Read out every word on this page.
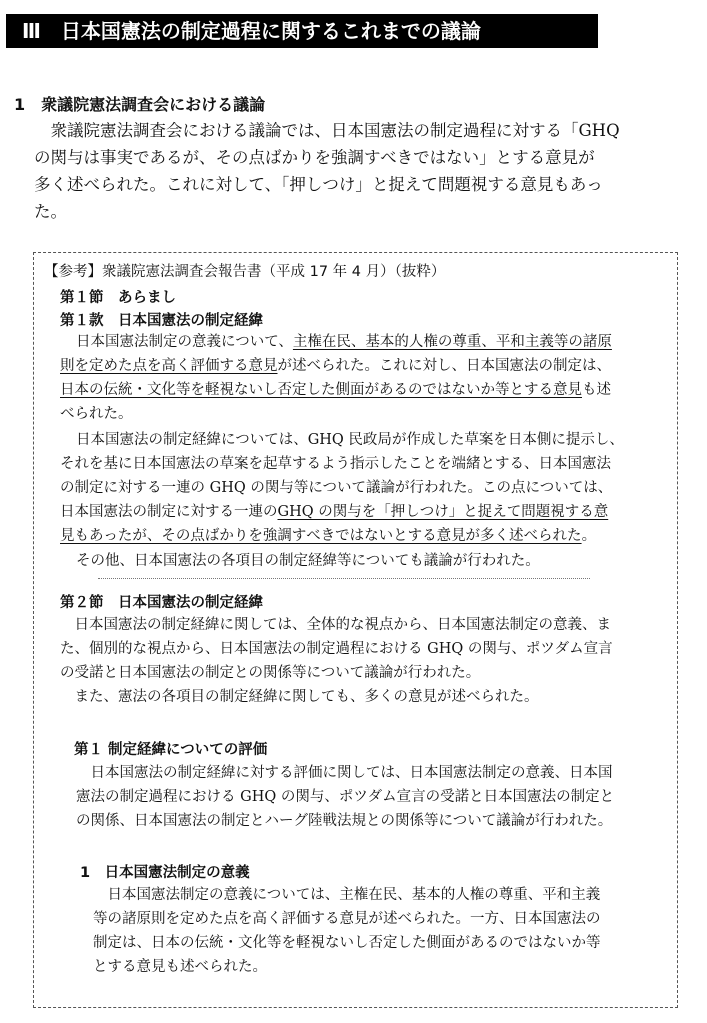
Ⅲ　日本国憲法の制定過程に関するこれまでの議論
1　衆議院憲法調査会における議論
　衆議院憲法調査会における議論では、日本国憲法の制定過程に対する「GHQ
の関与は事実であるが、その点ばかりを強調すべきではない」とする意見が
多く述べられた。これに対して、「押しつけ」と捉えて問題視する意見もあっ
た。
【参考】衆議院憲法調査会報告書（平成 17 年 4 月）（抜粋）
第１節　あらまし
第１款　日本国憲法の制定経緯
日本国憲法制定の意義について、主権在民、基本的人権の尊重、平和主義等の諸原
則を定めた点を高く評価する意見が述べられた。これに対し、日本国憲法の制定は、
日本の伝統・文化等を軽視ないし否定した側面があるのではないか等とする意見も述
べられた。
日本国憲法の制定経緯については、GHQ 民政局が作成した草案を日本側に提示し、
それを基に日本国憲法の草案を起草するよう指示したことを端緒とする、日本国憲法
の制定に対する一連の GHQ の関与等について議論が行われた。この点については、
日本国憲法の制定に対する一連のGHQ の関与を「押しつけ」と捉えて問題視する意
見もあったが、その点ばかりを強調すべきではないとする意見が多く述べられた。
その他、日本国憲法の各項目の制定経緯等についても議論が行われた。
第２節　日本国憲法の制定経緯
　日本国憲法の制定経緯に関しては、全体的な視点から、日本国憲法制定の意義、ま
た、個別的な視点から、日本国憲法の制定過程における GHQ の関与、ポツダム宣言
の受諾と日本国憲法の制定との関係等について議論が行われた。
　また、憲法の各項目の制定経緯に関しても、多くの意見が述べられた。
第１ 制定経緯についての評価
　日本国憲法の制定経緯に対する評価に関しては、日本国憲法制定の意義、日本国
憲法の制定過程における GHQ の関与、ポツダム宣言の受諾と日本国憲法の制定と
の関係、日本国憲法の制定とハーグ陸戦法規との関係等について議論が行われた。
1　日本国憲法制定の意義
　日本国憲法制定の意義については、主権在民、基本的人権の尊重、平和主義
等の諸原則を定めた点を高く評価する意見が述べられた。一方、日本国憲法の
制定は、日本の伝統・文化等を軽視ないし否定した側面があるのではないか等
とする意見も述べられた。
